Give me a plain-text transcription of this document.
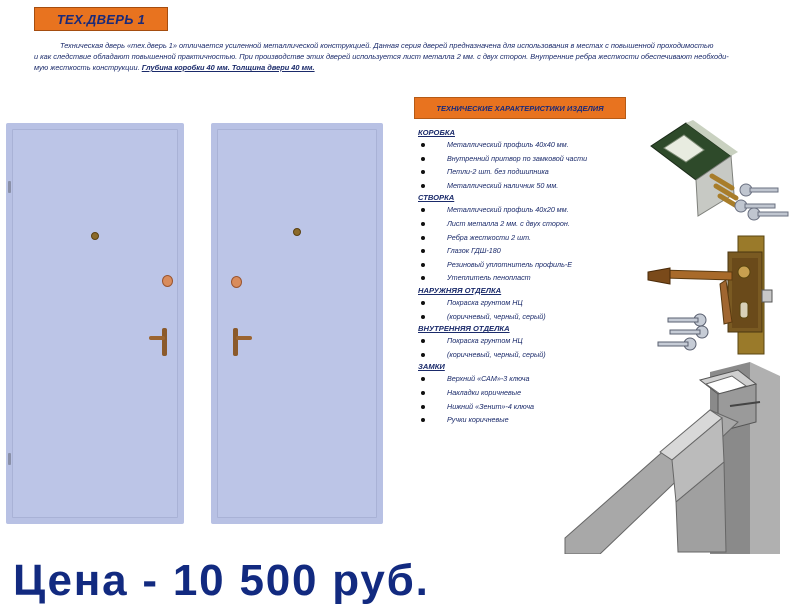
ТЕХ.ДВЕРЬ 1
Техническая дверь «тех.дверь 1» отличается усиленной металлической конструкцией. Данная серия дверей предназначена для использования в местах с повышенной проходимостью
и как следствие обладают повышенной практичностью. При производстве этих дверей используется лист металла 2 мм. с двух сторон. Внутренние ребра жесткости обеспечивают необходи-
мую жесткость конструкции. Глубина коробки 40 мм. Толщина двери 40 мм.
ТЕХНИЧЕСКИЕ ХАРАКТЕРИСТИКИ ИЗДЕЛИЯ
КОРОБКА
Металлический профиль 40х40 мм.
Внутренний притвор по замковой части
Петли-2 шт. без подшипника
Металлический наличник 50 мм.
СТВОРКА
Металлический профиль 40х20 мм.
Лист металла 2 мм. с двух сторон.
Ребра жесткости 2 шт.
Глазок ГДШ-180
Резиновый уплотнитель профиль-Е
Утеплитель пенопласт
НАРУЖНЯЯ ОТДЕЛКА
Покраска грунтом НЦ
(коричневый, черный, серый)
ВНУТРЕННЯЯ ОТДЕЛКА
Покраска грунтом НЦ
(коричневый, черный, серый)
ЗАМКИ
Верхний «САМ»-3 ключа
Накладки коричневые
Нижний «Зенит»-4 ключа
Ручки коричневые
Цена - 10 500 руб.
